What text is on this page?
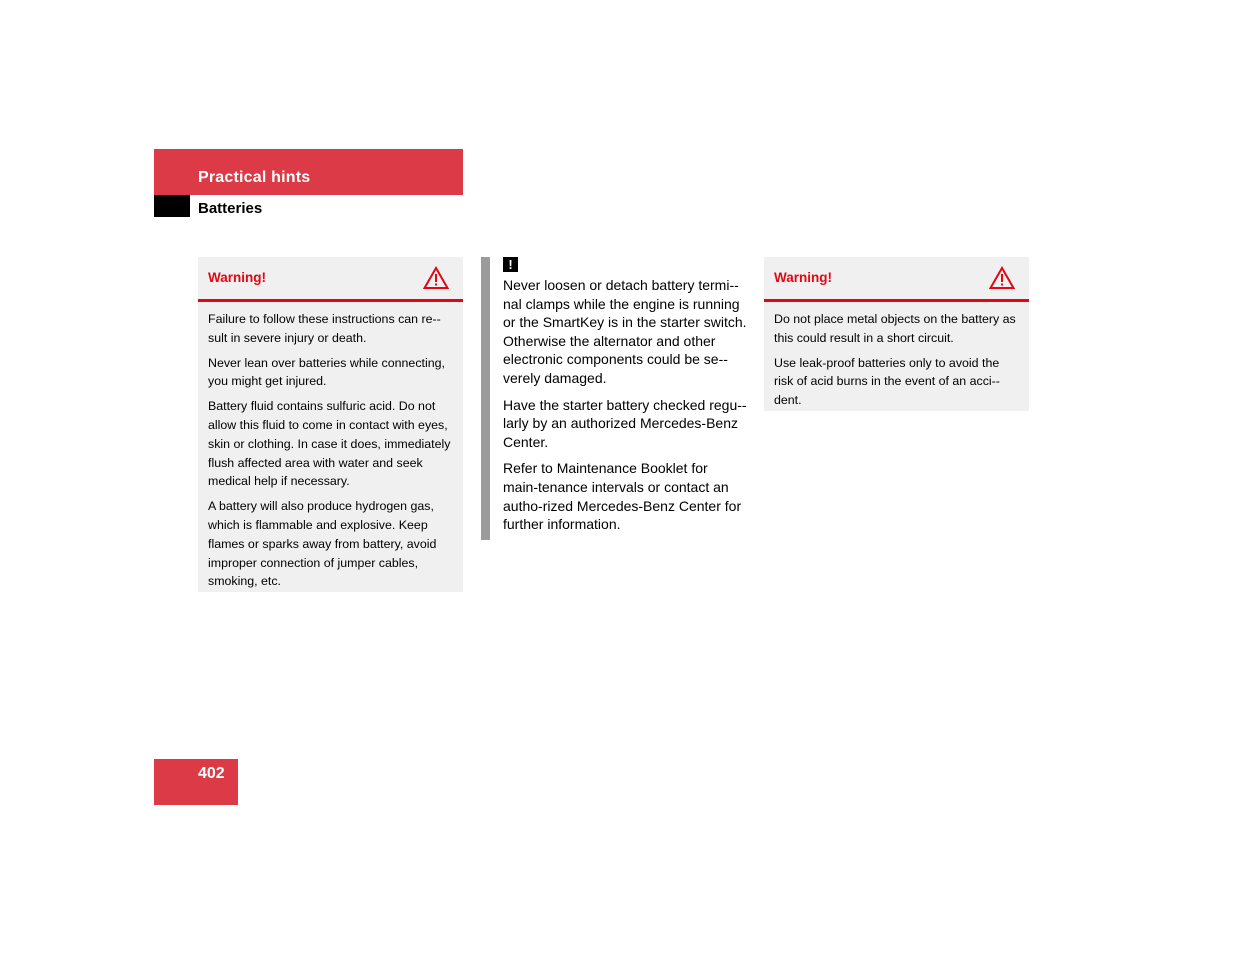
Practical hints
Batteries
Warning!

Failure to follow these instructions can re-sult in severe injury or death.

Never lean over batteries while connecting, you might get injured.

Battery fluid contains sulfuric acid. Do not allow this fluid to come in contact with eyes, skin or clothing. In case it does, immediately flush affected area with water and seek medical help if necessary.

A battery will also produce hydrogen gas, which is flammable and explosive. Keep flames or sparks away from battery, avoid improper connection of jumper cables, smoking, etc.

!

Never loosen or detach battery termi-nal clamps while the engine is running or the SmartKey is in the starter switch. Otherwise the alternator and other electronic components could be se-verely damaged.

Have the starter battery checked regu-larly by an authorized Mercedes-Benz Center.

Refer to Maintenance Booklet for main-tenance intervals or contact an autho-rized Mercedes-Benz Center for further information.

Warning!

Do not place metal objects on the battery as this could result in a short circuit.

Use leak-proof batteries only to avoid the risk of acid burns in the event of an acci-dent.

402
